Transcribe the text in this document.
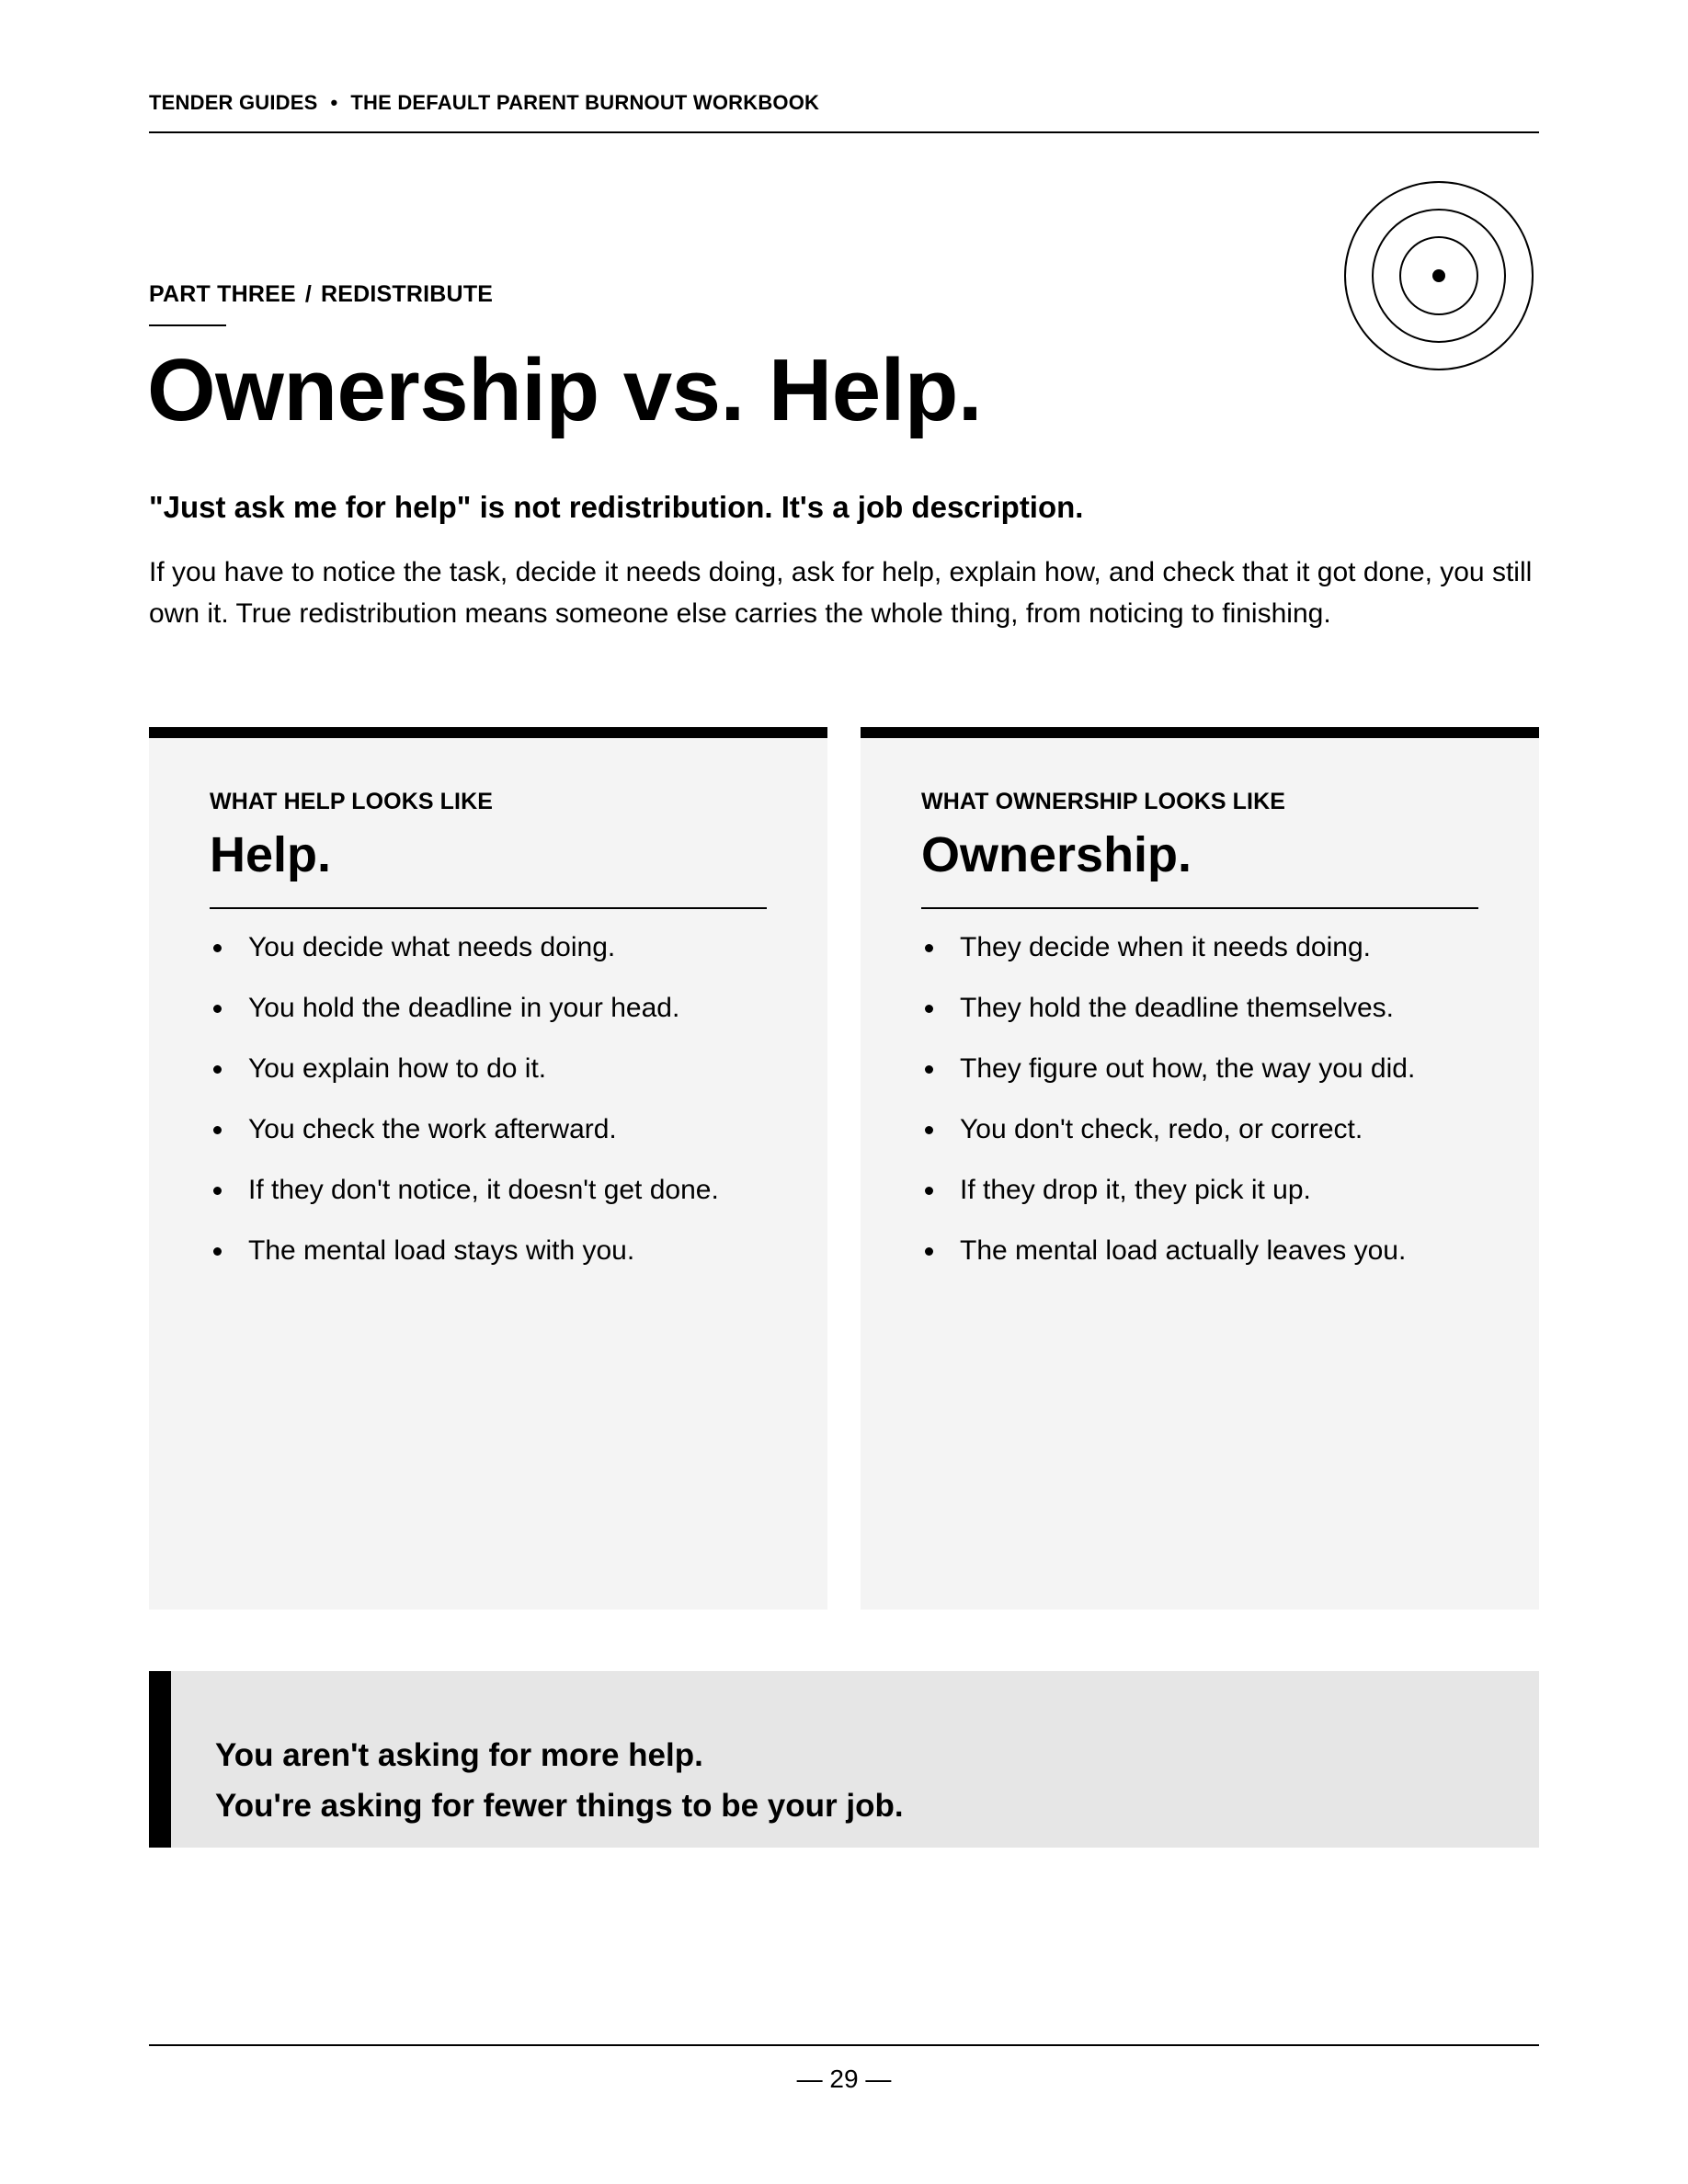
TENDER GUIDES • THE DEFAULT PARENT BURNOUT WORKBOOK
PART THREE / REDISTRIBUTE
Ownership vs. Help.
"Just ask me for help" is not redistribution. It's a job description.
If you have to notice the task, decide it needs doing, ask for help, explain how, and check that it got done, you still own it. True redistribution means someone else carries the whole thing, from noticing to finishing.
WHAT HELP LOOKS LIKE
Help.
You decide what needs doing.
You hold the deadline in your head.
You explain how to do it.
You check the work afterward.
If they don't notice, it doesn't get done.
The mental load stays with you.
WHAT OWNERSHIP LOOKS LIKE
Ownership.
They decide when it needs doing.
They hold the deadline themselves.
They figure out how, the way you did.
You don't check, redo, or correct.
If they drop it, they pick it up.
The mental load actually leaves you.
You aren't asking for more help.
You're asking for fewer things to be your job.
— 29 —
